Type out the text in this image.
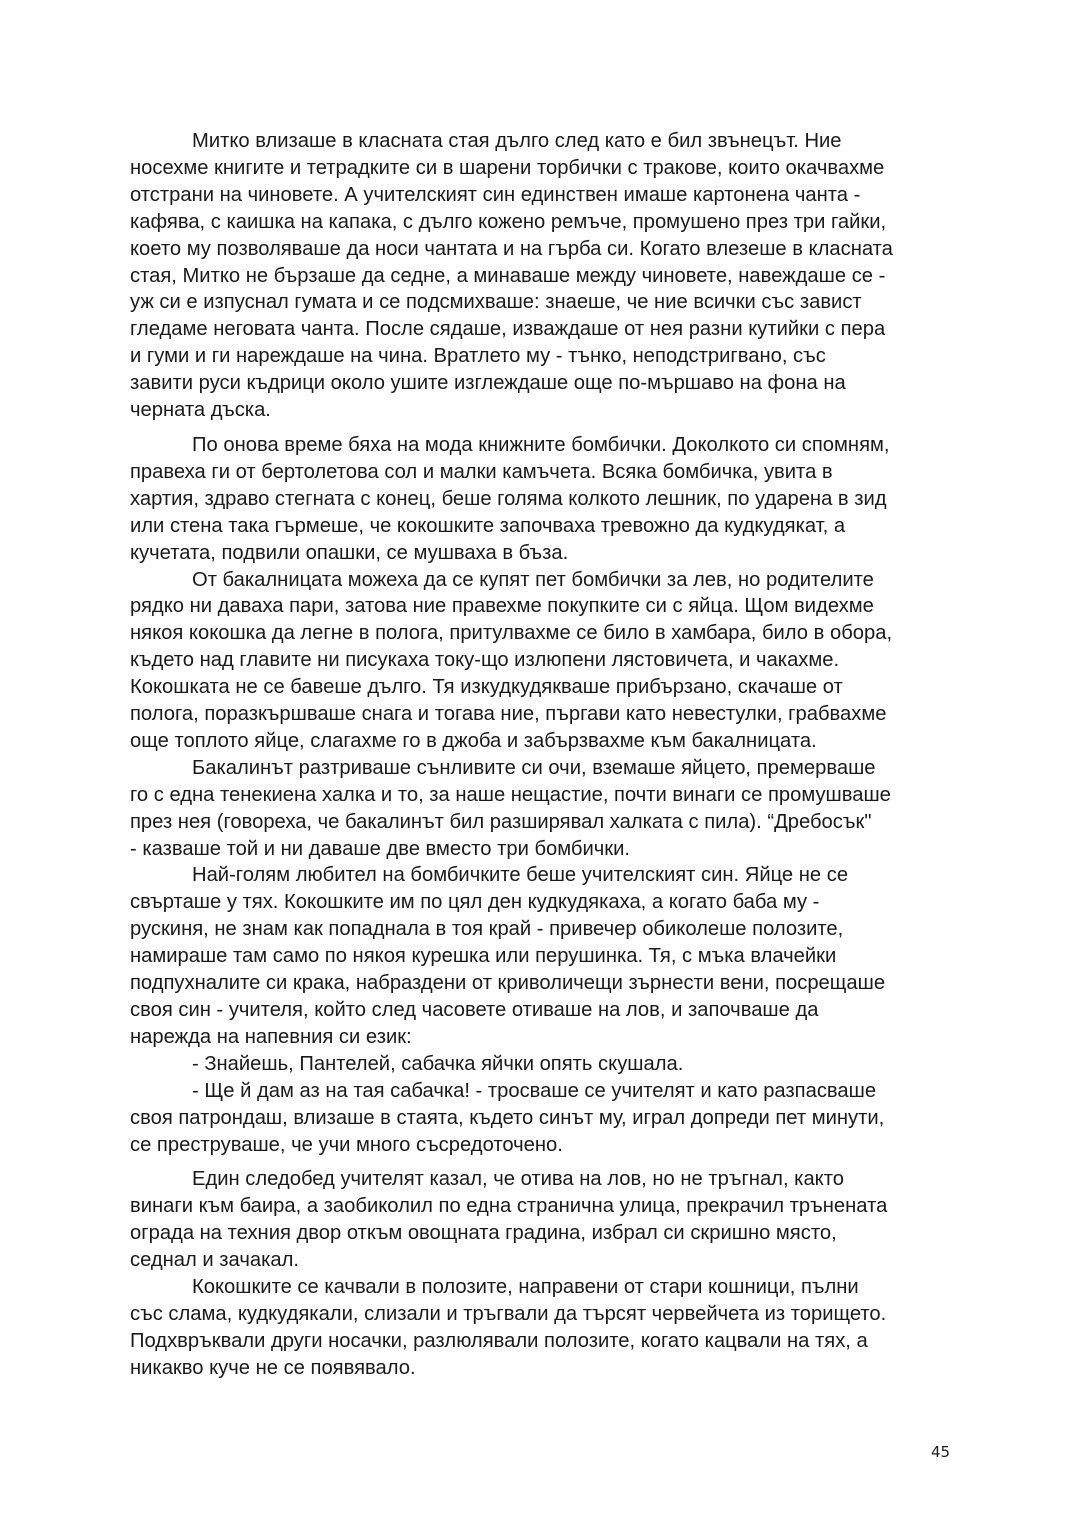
Митко влизаше в класната стая дълго след като е бил звънецът. Ние
носехме книгите и тетрадките си в шарени торбички с тракове, които окачвахме
отстрани на чиновете. А учителският син единствен имаше картонена чанта -
кафява, с каишка на капака, с дълго кожено ремъче, промушено през три гайки,
което му позволяваше да носи чантата и на гърба си. Когато влезеше в класната
стая, Митко не бързаше да седне, а минаваше между чиновете, навеждаше се -
уж си е изпуснал гумата и се подсмихваше: знаеше, че ние всички със завист
гледаме неговата чанта. После сядаше, изваждаше от нея разни кутийки с пера
и гуми и ги нареждаше на чина. Вратлето му - тънко, неподстригвано, със
завити руси къдрици около ушите изглеждаше още по-мършаво на фона на
черната дъска.

По онова време бяха на мода книжните бомбички. Доколкото си спомням,
правеха ги от бертолетова сол и малки камъчета. Всяка бомбичка, увита в
хартия, здраво стегната с конец, беше голяма колкото лешник, по ударена в зид
или стена така гърмеше, че кокошките започваха тревожно да кудкудякат, а
кучетата, подвили опашки, се мушваха в бъза.

От бакалницата можеха да се купят пет бомбички за лев, но родителите
рядко ни даваха пари, затова ние правехме покупките си с яйца. Щом видехме
някоя кокошка да легне в полога, притулвахме се било в хамбара, било в обора,
където над главите ни писукаха току-що излюпени лястовичета, и чакахме.
Кокошката не се бавеше дълго. Тя изкудкудякваше прибързано, скачаше от
полога, поразкършваше снага и тогава ние, пъргави като невестулки, грабвахме
още топлото яйце, слагахме го в джоба и забързвахме към бакалницата.

Бакалинът разтриваше сънливите си очи, вземаше яйцето, премерваше
го с една тенекиена халка и то, за наше нещастие, почти винаги се промушваше
през нея (говореха, че бакалинът бил разширявал халката с пила). “Дребосък"
- казваше той и ни даваше две вместо три бомбички.

Най-голям любител на бомбичките беше учителският син. Яйце не се
свърташе у тях. Кокошките им по цял ден кудкудякаха, а когато баба му -
рускиня, не знам как попаднала в тоя край - привечер обиколеше полозите,
намираше там само по някоя курешка или перушинка. Тя, с мъка влачейки
подпухналите си крака, набраздени от криволичещи зърнести вени, посрещаше
своя син - учителя, който след часовете отиваше на лов, и започваше да
нарежда на напевния си език:

- Знайешь, Пантелей, сабачка яйчки опять скушала.

- Ще й дам аз на тая сабачка! - тросваше се учителят и като разпасваше
своя патрондаш, влизаше в стаята, където синът му, играл допреди пет минути,
се преструваше, че учи много съсредоточено.

Един следобед учителят казал, че отива на лов, но не тръгнал, както
винаги към баира, а заобиколил по една странична улица, прекрачил трънената
ограда на техния двор откъм овощната градина, избрал си скришно място,
седнал и зачакал.

Кокошките се качвали в полозите, направени от стари кошници, пълни
със слама, кудкудякали, слизали и тръгвали да търсят червейчета из торището.
Подхвръквали други носачки, разлюлявали полозите, когато кацвали на тях, а
никакво куче не се появявало.

45
